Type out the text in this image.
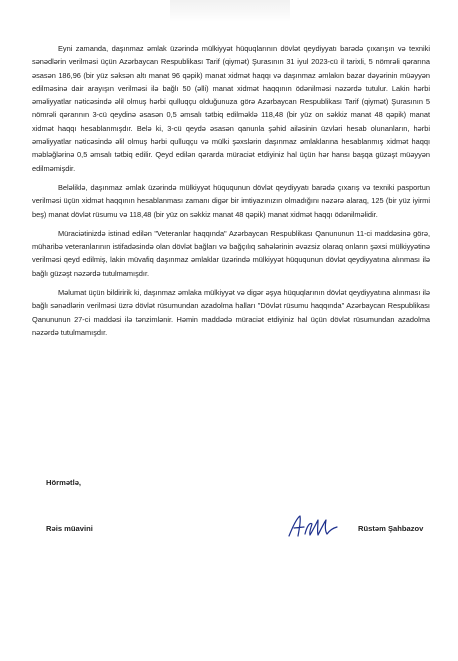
Eyni zamanda, daşınmaz əmlak üzərində mülkiyyət hüquqlarının dövlət qeydiyyatı barədə çıxarışın və texniki sənədlərin verilməsi üçün Azərbaycan Respublikası Tarif (qiymət) Şurasının 31 iyul 2023-cü il tarixli, 5 nömrəli qərarına əsasən 186,96 (bir yüz səksən altı manat 96 qəpik) manat xidmət haqqı və daşınmaz əmlakın bazar dəyərinin müəyyən edilməsinə dair arayışın verilməsi ilə bağlı 50 (əlli) manat xidmət haqqının ödənilməsi nəzərdə tutulur. Lakin hərbi əməliyyatlar nəticəsində əlil olmuş hərbi qulluqçu olduğunuza görə Azərbaycan Respublikası Tarif (qiymət) Şurasının 5 nömrəli qərarının 3-cü qeydinə əsasən 0,5 əmsalı tətbiq edilməklə 118,48 (bir yüz on səkkiz manat 48 qəpik) manat xidmət haqqı hesablanmışdır. Belə ki, 3-cü qeydə əsasən qanunla şəhid ailəsinin üzvləri hesab olunanların, hərbi əməliyyatlar nəticəsində əlil olmuş hərbi qulluqçu və mülki şəxslərin daşınmaz əmlaklarına hesablanmış xidmət haqqı məbləğlərinə 0,5 əmsalı tətbiq edilir. Qeyd edilən qərarda müraciət etdiyiniz hal üçün hər hansı başqa güzəşt müəyyən edilməmişdir.

Beləliklə, daşınmaz əmlak üzərində mülkiyyət hüququnun dövlət qeydiyyatı barədə çıxarış və texniki pasportun verilməsi üçün xidmət haqqının hesablanması zamanı digər bir imtiyazınızın olmadığını nəzərə alaraq, 125 (bir yüz iyirmi beş) manat dövlət rüsumu və 118,48 (bir yüz on səkkiz manat 48 qəpik) manat xidmət haqqı ödənilməlidir.

Müraciətinizdə istinad edilən "Veteranlar haqqında" Azərbaycan Respublikası Qanununun 11-ci maddəsinə görə, müharibə veteranlarının istifadəsində olan dövlət bağları və bağçılıq sahələrinin əvəzsiz olaraq onların şəxsi mülkiyyətinə verilməsi qeyd edilmiş, lakin müvafiq daşınmaz əmlaklar üzərində mülkiyyət hüququnun dövlət qeydiyyatına alınması ilə bağlı güzəşt nəzərdə tutulmamışdır.

Məlumat üçün bildiririk ki, daşınmaz əmlaka mülkiyyət və digər əşya hüquqlarının dövlət qeydiyyatına alınması ilə bağlı sənədlərin verilməsi üzrə dövlət rüsumundan azadolma halları "Dövlət rüsumu haqqında" Azərbaycan Respublikası Qanununun 27-ci maddəsi ilə tənzimlənir. Həmin maddədə müraciət etdiyiniz hal üçün dövlət rüsumundan azadolma nəzərdə tutulmamışdır.

Hörmətlə,
Rəis müavini	Rüstəm Şahbazov
